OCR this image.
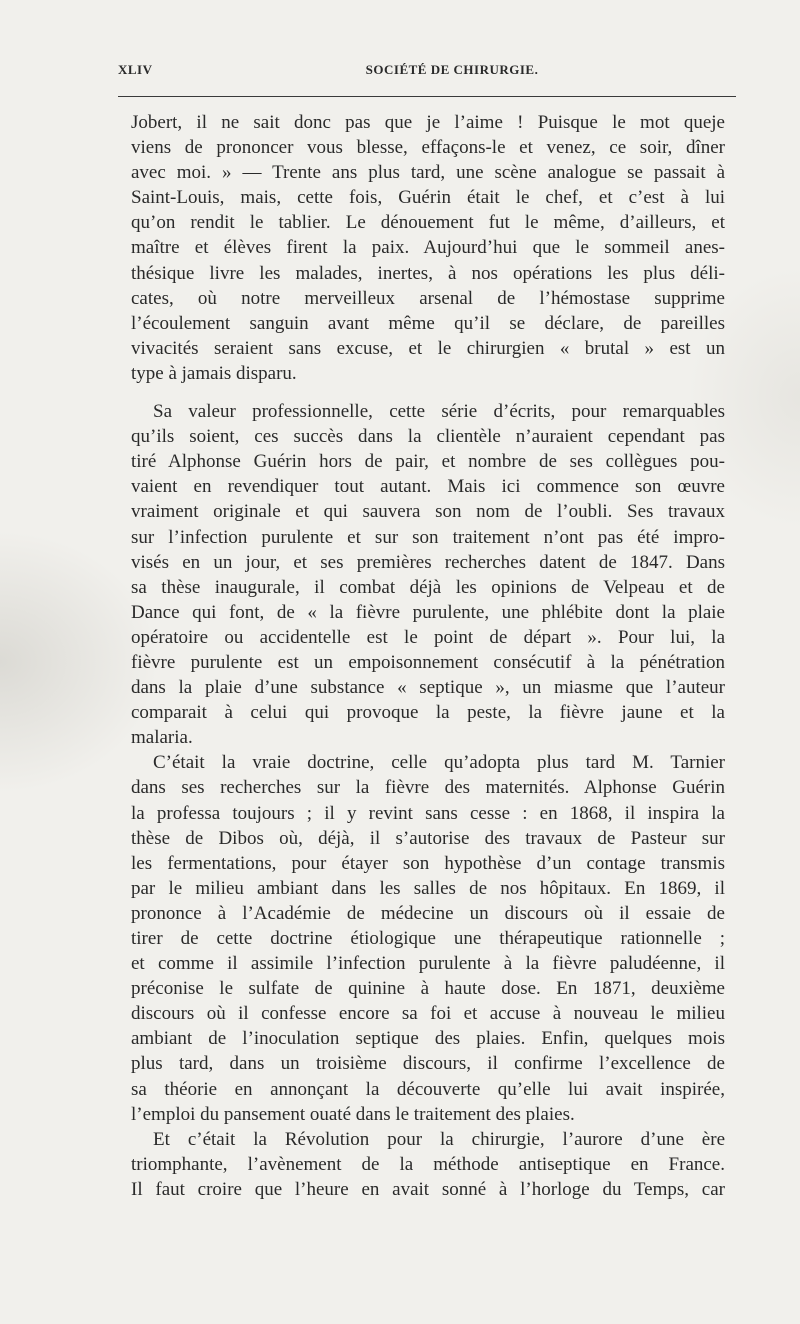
XLIV	SOCIÉTÉ DE CHIRURGIE.
Jobert, il ne sait donc pas que je l’aime ! Puisque le mot queje
viens de prononcer vous blesse, effaçons-le et venez, ce soir, dîner
avec moi. » — Trente ans plus tard, une scène analogue se passait à
Saint-Louis, mais, cette fois, Guérin était le chef, et c’est à lui
qu’on rendit le tablier. Le dénouement fut le même, d’ailleurs, et
maître et élèves firent la paix. Aujourd’hui que le sommeil anes-
thésique livre les malades, inertes, à nos opérations les plus déli-
cates, où notre merveilleux arsenal de l’hémostase supprime
l’écoulement sanguin avant même qu’il se déclare, de pareilles
vivacités seraient sans excuse, et le chirurgien « brutal » est un
type à jamais disparu.
Sa valeur professionnelle, cette série d’écrits, pour remarquables
qu’ils soient, ces succès dans la clientèle n’auraient cependant pas
tiré Alphonse Guérin hors de pair, et nombre de ses collègues pou-
vaient en revendiquer tout autant. Mais ici commence son œuvre
vraiment originale et qui sauvera son nom de l’oubli. Ses travaux
sur l’infection purulente et sur son traitement n’ont pas été impro-
visés en un jour, et ses premières recherches datent de 1847. Dans
sa thèse inaugurale, il combat déjà les opinions de Velpeau et de
Dance qui font, de « la fièvre purulente, une phlébite dont la plaie
opératoire ou accidentelle est le point de départ ». Pour lui, la
fièvre purulente est un empoisonnement consécutif à la pénétration
dans la plaie d’une substance « septique », un miasme que l’auteur
comparait à celui qui provoque la peste, la fièvre jaune et la
malaria.
C’était la vraie doctrine, celle qu’adopta plus tard M. Tarnier
dans ses recherches sur la fièvre des maternités. Alphonse Guérin
la professa toujours ; il y revint sans cesse : en 1868, il inspira la
thèse de Dibos où, déjà, il s’autorise des travaux de Pasteur sur
les fermentations, pour étayer son hypothèse d’un contage transmis
par le milieu ambiant dans les salles de nos hôpitaux. En 1869, il
prononce à l’Académie de médecine un discours où il essaie de
tirer de cette doctrine étiologique une thérapeutique rationnelle ;
et comme il assimile l’infection purulente à la fièvre paludéenne, il
préconise le sulfate de quinine à haute dose. En 1871, deuxième
discours où il confesse encore sa foi et accuse à nouveau le milieu
ambiant de l’inoculation septique des plaies. Enfin, quelques mois
plus tard, dans un troisième discours, il confirme l’excellence de
sa théorie en annonçant la découverte qu’elle lui avait inspirée,
l’emploi du pansement ouaté dans le traitement des plaies.
Et c’était la Révolution pour la chirurgie, l’aurore d’une ère
triomphante, l’avènement de la méthode antiseptique en France.
Il faut croire que l’heure en avait sonné à l’horloge du Temps, car
